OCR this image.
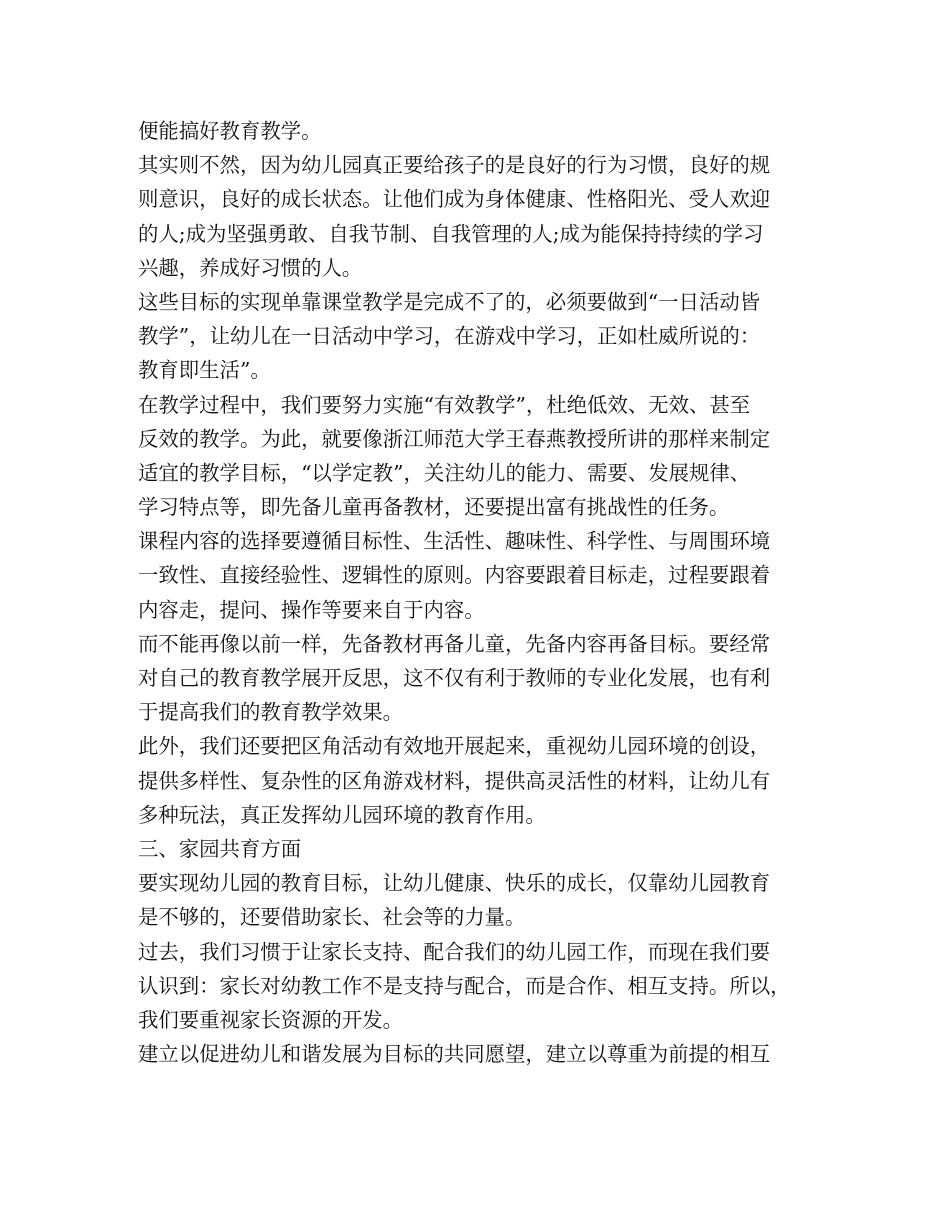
便能搞好教育教学。
其实则不然，因为幼儿园真正要给孩子的是良好的行为习惯，良好的规
则意识，良好的成长状态。让他们成为身体健康、性格阳光、受人欢迎
的人;成为坚强勇敢、自我节制、自我管理的人;成为能保持持续的学习
兴趣，养成好习惯的人。
这些目标的实现单靠课堂教学是完成不了的，必须要做到“一日活动皆
教学”，让幼儿在一日活动中学习，在游戏中学习，正如杜威所说的：
教育即生活”。
在教学过程中，我们要努力实施“有效教学”，杜绝低效、无效、甚至
反效的教学。为此，就要像浙江师范大学王春燕教授所讲的那样来制定
适宜的教学目标，“以学定教”，关注幼儿的能力、需要、发展规律、
学习特点等，即先备儿童再备教材，还要提出富有挑战性的任务。
课程内容的选择要遵循目标性、生活性、趣味性、科学性、与周围环境
一致性、直接经验性、逻辑性的原则。内容要跟着目标走，过程要跟着
内容走，提问、操作等要来自于内容。
而不能再像以前一样，先备教材再备儿童，先备内容再备目标。要经常
对自己的教育教学展开反思，这不仅有利于教师的专业化发展，也有利
于提高我们的教育教学效果。
此外，我们还要把区角活动有效地开展起来，重视幼儿园环境的创设，
提供多样性、复杂性的区角游戏材料，提供高灵活性的材料，让幼儿有
多种玩法，真正发挥幼儿园环境的教育作用。
三、家园共育方面
要实现幼儿园的教育目标，让幼儿健康、快乐的成长，仅靠幼儿园教育
是不够的，还要借助家长、社会等的力量。
过去，我们习惯于让家长支持、配合我们的幼儿园工作，而现在我们要
认识到：家长对幼教工作不是支持与配合，而是合作、相互支持。所以，
我们要重视家长资源的开发。
建立以促进幼儿和谐发展为目标的共同愿望，建立以尊重为前提的相互
